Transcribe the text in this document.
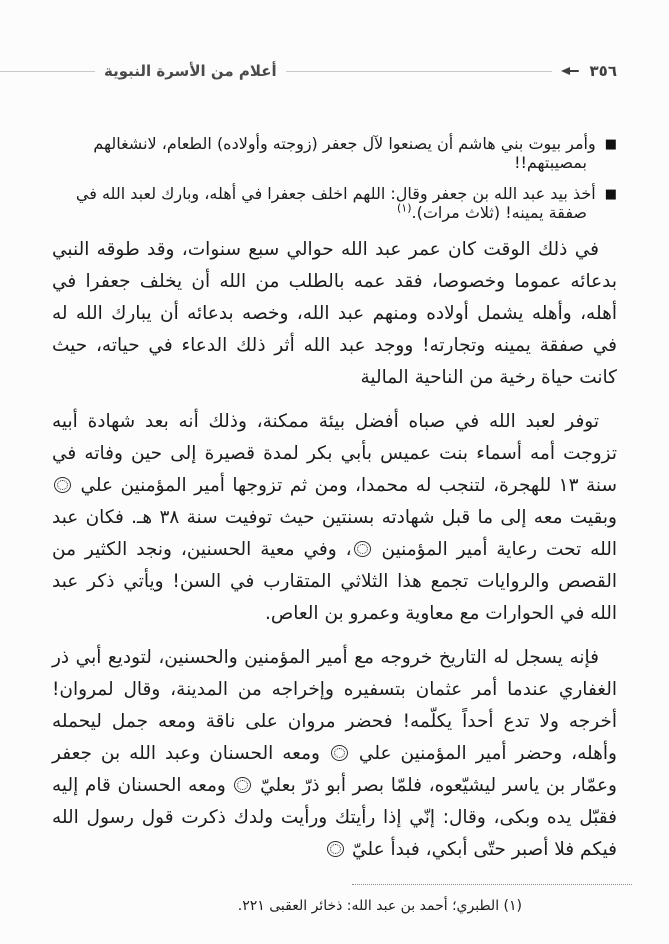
٣٥٦
أعلام من الأسرة النبوية
■وأمر بيوت بني هاشم أن يصنعوا لآل جعفر (زوجته وأولاده) الطعام، لانشغالهم بمصيبتهم!!
■أخذ بيد عبد الله بن جعفر وقال: اللهم اخلف جعفرا في أهله، وبارك لعبد الله في صفقة يمينه! (ثلاث مرات).$^{(١)}$
في ذلك الوقت كان عمر عبد الله حوالي سبع سنوات، وقد طوقه النبي بدعائه عموما وخصوصا، فقد عمه بالطلب من الله أن يخلف جعفرا في أهله، وأهله يشمل أولاده ومنهم عبد الله، وخصه بدعائه أن يبارك الله له في صفقة يمينه وتجارته! ووجد عبد الله أثر ذلك الدعاء في حياته، حيث كانت حياة رخية من الناحية المالية
توفر لعبد الله في صباه أفضل بيئة ممكنة، وذلك أنه بعد شهادة أبيه تزوجت أمه أسماء بنت عميس بأبي بكر لمدة قصيرة إلى حين وفاته في سنة ١٣ للهجرة، لتنجب له محمدا، ومن ثم تزوجها أمير المؤمنين علي  وبقيت معه إلى ما قبل شهادته بسنتين حيث توفيت سنة ٣٨ هـ. فكان عبد الله تحت رعاية أمير المؤمنين ، وفي معية الحسنين، ونجد الكثير من القصص والروايات تجمع هذا الثلاثي المتقارب في السن! ويأتي ذكر عبد الله في الحوارات مع معاوية وعمرو بن العاص.
فإنه يسجل له التاريخ خروجه مع أمير المؤمنين والحسنين، لتوديع أبي ذر الغفاري عندما أمر عثمان بتسفيره وإخراجه من المدينة، وقال لمروان! أخرجه ولا تدع أحداً يكلّمه! فحضر مروان على ناقة ومعه جمل ليحمله وأهله، وحضر أمير المؤمنين علي  ومعه الحسنان وعبد الله بن جعفر وعمّار بن ياسر ليشيّعوه، فلمّا بصر أبو ذرّ بعليّ  ومعه الحسنان قام إليه فقبّل يده وبكى، وقال: إنّي إذا رأيتك ورأيت ولدك ذكرت قول رسول الله فيكم فلا أصبر حتّى أبكي، فبدأ عليّ
(١) الطبري؛ أحمد بن عبد الله: ذخائر العقبى ٢٢١.
